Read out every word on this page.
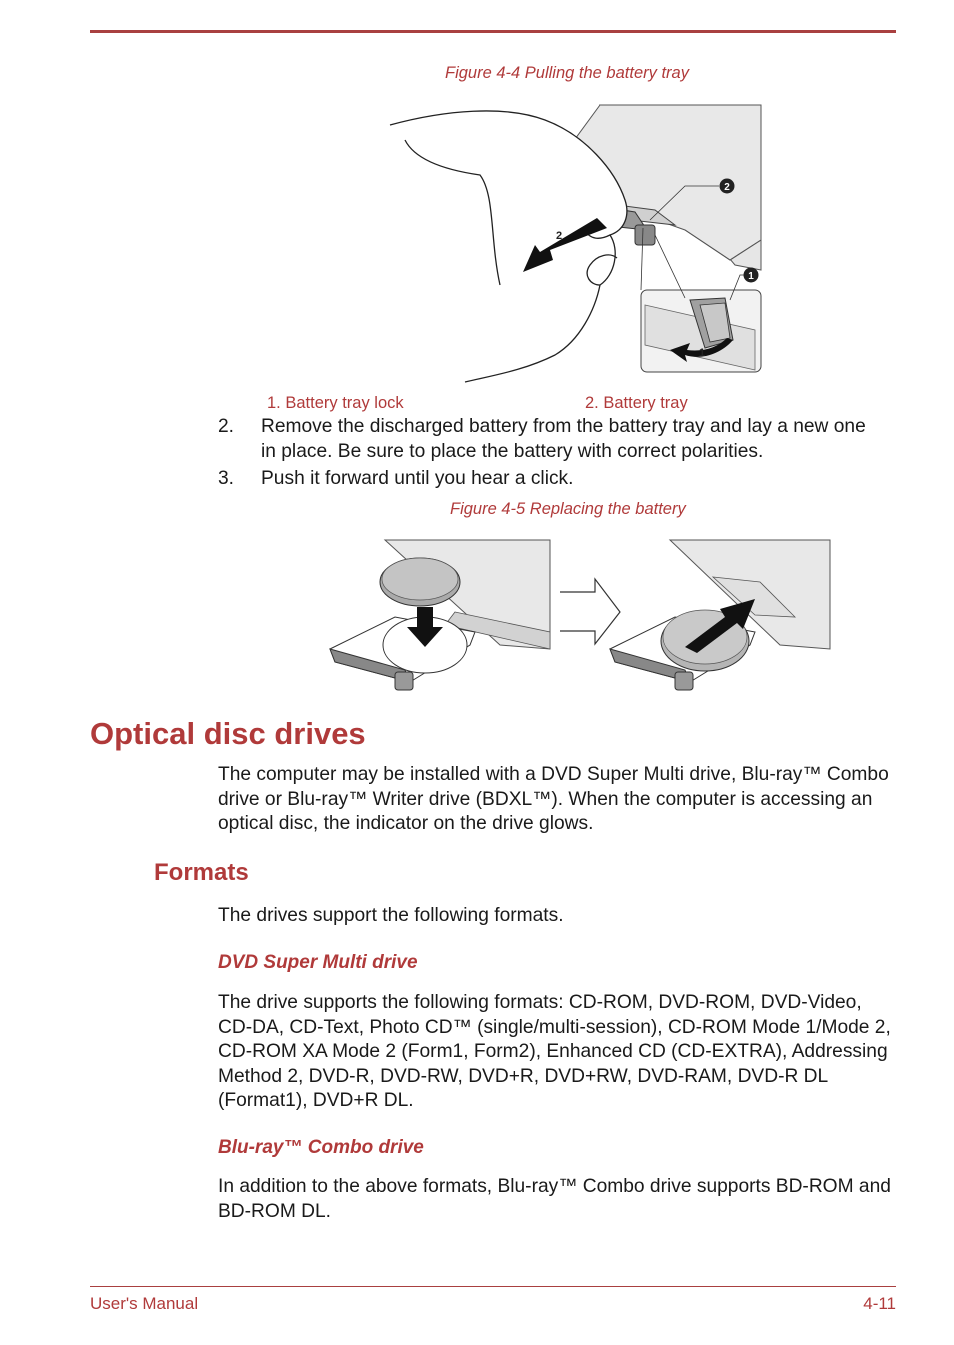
Figure 4-4 Pulling the battery tray
2
1
2
1
1. Battery tray lock	2. Battery tray
2. Remove the discharged battery from the battery tray and lay a new one in place. Be sure to place the battery with correct polarities.
3. Push it forward until you hear a click.
Figure 4-5 Replacing the battery
Optical disc drives
The computer may be installed with a DVD Super Multi drive, Blu-ray™ Combo drive or Blu-ray™ Writer drive (BDXL™). When the computer is accessing an optical disc, the indicator on the drive glows.
Formats
The drives support the following formats.
DVD Super Multi drive
The drive supports the following formats: CD-ROM, DVD-ROM, DVD-Video, CD-DA, CD-Text, Photo CD™ (single/multi-session), CD-ROM Mode 1/Mode 2, CD-ROM XA Mode 2 (Form1, Form2), Enhanced CD (CD-EXTRA), Addressing Method 2, DVD-R, DVD-RW, DVD+R, DVD+RW, DVD-RAM, DVD-R DL (Format1), DVD+R DL.
Blu-ray™ Combo drive
In addition to the above formats, Blu-ray™ Combo drive supports BD-ROM and BD-ROM DL.
User's Manual	4-11
